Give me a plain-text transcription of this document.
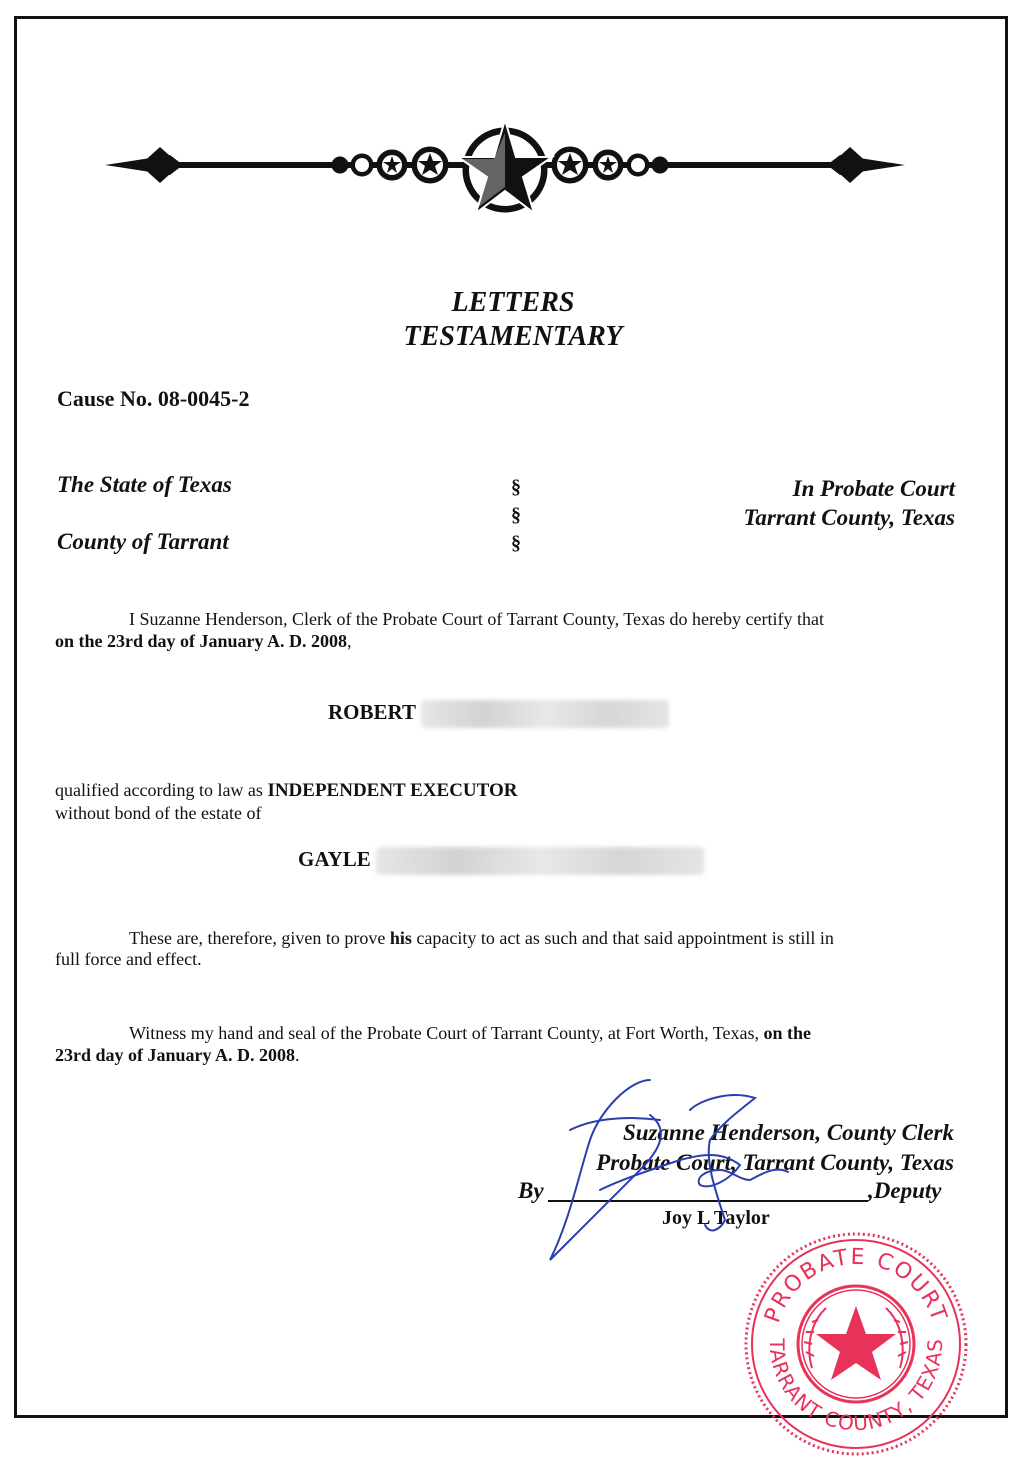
LETTERS
TESTAMENTARY
Cause No. 08-0045-2
The State of Texas
County of Tarrant
§
§
§
In Probate Court
Tarrant County, Texas
I Suzanne Henderson, Clerk of the Probate Court of Tarrant County, Texas do hereby certify that
on the 23rd day of January A. D. 2008,
ROBERT
qualified according to law as INDEPENDENT EXECUTOR
without bond of the estate of
GAYLE
These are, therefore, given to prove his capacity to act as such and that said appointment is still in
full force and effect.
Witness my hand and seal of the Probate Court of Tarrant County, at Fort Worth, Texas, on the
23rd day of January A. D. 2008.
Suzanne Henderson, County Clerk
Probate Court, Tarrant County, Texas
By	,Deputy
Joy L Taylor
PROBATE COURT
TARRANT COUNTY, TEXAS
